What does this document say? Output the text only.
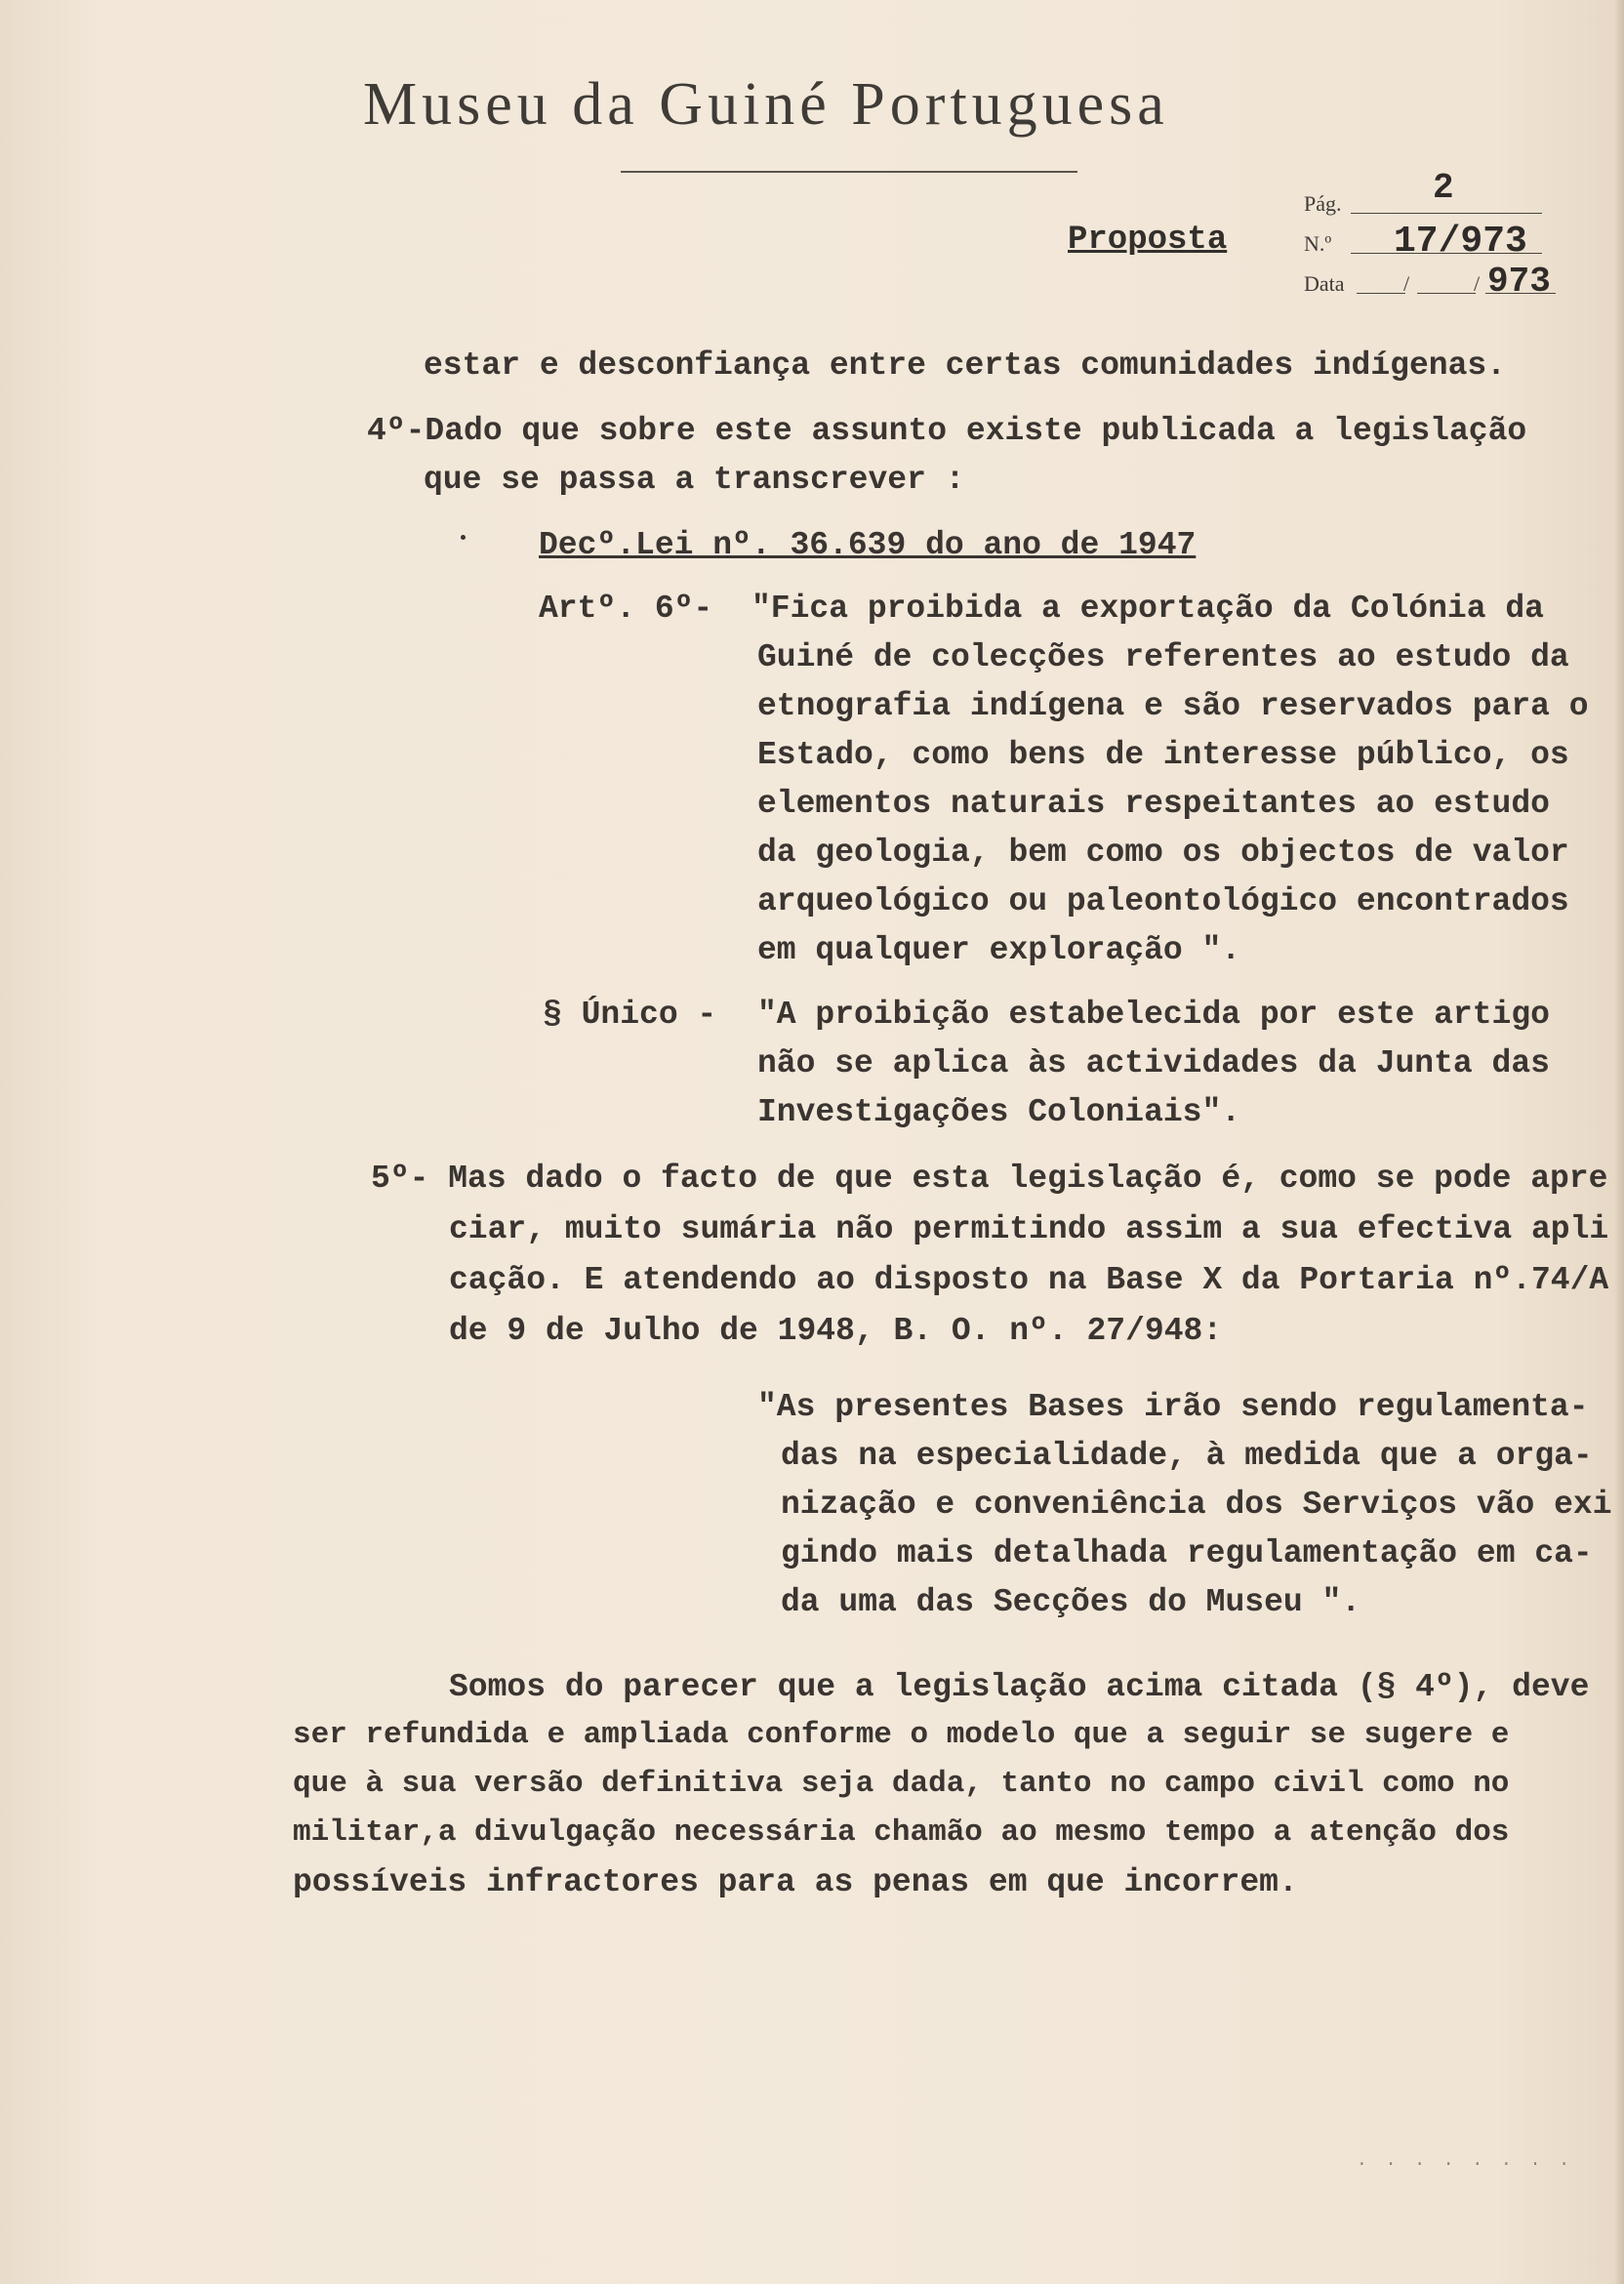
Museu da Guiné Portuguesa
Pág.	2
Proposta	N.º 17/973
Data	/	/ 973
estar e desconfiança entre certas comunidades indígenas.
4º-Dado que sobre este assunto existe publicada a legislação
que se passa a transcrever :
Decº.Lei nº. 36.639 do ano de 1947
Artº. 6º- "Fica proibida a exportação da Colónia da
Guiné de colecções referentes ao estudo da
etnografia indígena e são reservados para o
Estado, como bens de interesse público, os
elementos naturais respeitantes ao estudo
da geologia, bem como os objectos de valor
arqueológico ou paleontológico encontrados
em qualquer exploração ".
§ Único - "A proibição estabelecida por este artigo
não se aplica às actividades da Junta das
Investigações Coloniais".
5º- Mas dado o facto de que esta legislação é, como se pode apre
ciar, muito sumária não permitindo assim a sua efectiva apli
cação. E atendendo ao disposto na Base X da Portaria nº.74/A
de 9 de Julho de 1948, B. O. nº. 27/948:
"As presentes Bases irão sendo regulamenta-
das na especialidade, à medida que a orga-
nização e conveniência dos Serviços vão exi
gindo mais detalhada regulamentação em ca-
da uma das Secções do Museu ".
Somos do parecer que a legislação acima citada (§ 4º), deve
ser refundida e ampliada conforme o modelo que a seguir se sugere e
que à sua versão definitiva seja dada, tanto no campo civil como no
militar,a divulgação necessária chamão ao mesmo tempo a atenção dos
possíveis infractores para as penas em que incorrem.
· · · · · · · ·
